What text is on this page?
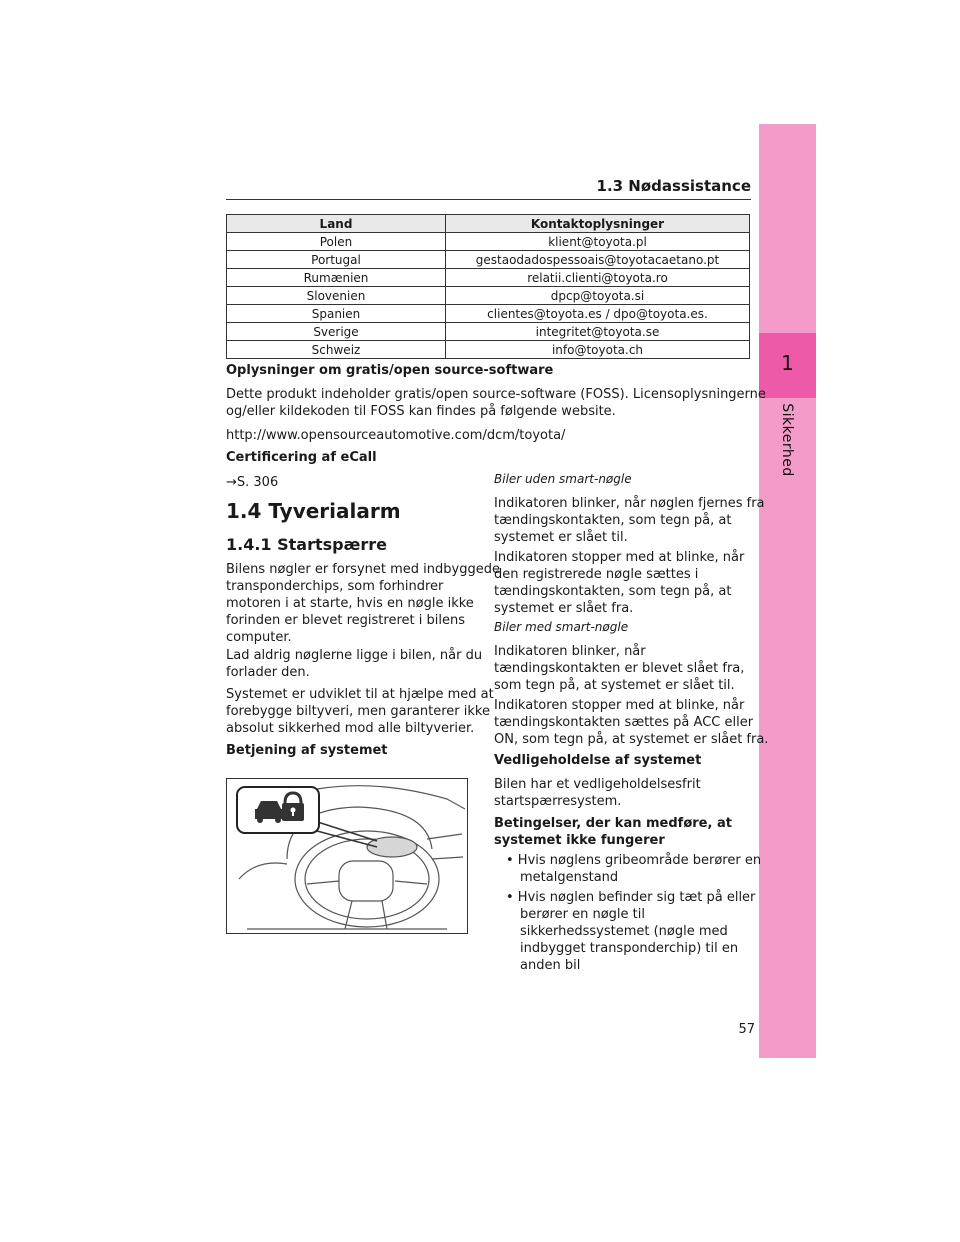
1
Sikkerhed
1.3 Nødassistance
Land	Kontaktoplysninger
Polen	klient@toyota.pl
Portugal	gestaodadospessoais@toyotacaetano.pt
Rumænien	relatii.clienti@toyota.ro
Slovenien	dpcp@toyota.si
Spanien	clientes@toyota.es / dpo@toyota.es.
Sverige	integritet@toyota.se
Schweiz	info@toyota.ch
Oplysninger om gratis/open source-software
Dette produkt indeholder gratis/open source-software (FOSS). Licensoplysningerne
og/eller kildekoden til FOSS kan findes på følgende website.
http://www.opensourceautomotive.com/dcm/toyota/
Certificering af eCall
→S. 306
1.4 Tyverialarm
1.4.1 Startspærre
Bilens nøgler er forsynet med indbyggede
transponderchips, som forhindrer
motoren i at starte, hvis en nøgle ikke
forinden er blevet registreret i bilens
computer.
Lad aldrig nøglerne ligge i bilen, når du
forlader den.
Systemet er udviklet til at hjælpe med at
forebygge biltyveri, men garanterer ikke
absolut sikkerhed mod alle biltyverier.
Betjening af systemet
Biler uden smart-nøgle
Indikatoren blinker, når nøglen fjernes fra
tændingskontakten, som tegn på, at
systemet er slået til.
Indikatoren stopper med at blinke, når
den registrerede nøgle sættes i
tændingskontakten, som tegn på, at
systemet er slået fra.
Biler med smart-nøgle
Indikatoren blinker, når
tændingskontakten er blevet slået fra,
som tegn på, at systemet er slået til.
Indikatoren stopper med at blinke, når
tændingskontakten sættes på ACC eller
ON, som tegn på, at systemet er slået fra.
Vedligeholdelse af systemet
Bilen har et vedligeholdelsesfrit
startspærresystem.
Betingelser, der kan medføre, at
systemet ikke fungerer
• Hvis nøglens gribeområde berører en
metalgenstand
• Hvis nøglen befinder sig tæt på eller
berører en nøgle til
sikkerhedssystemet (nøgle med
indbygget transponderchip) til en
anden bil
57
